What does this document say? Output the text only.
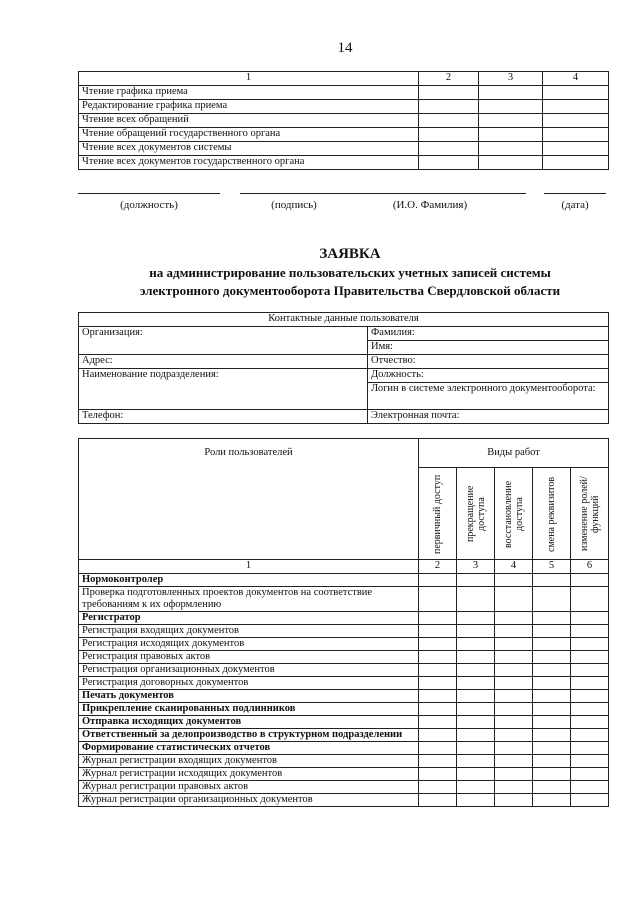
14
1	2	3	4
Чтение графика приема			
Редактирование графика приема			
Чтение всех обращений			
Чтение обращений государственного органа			
Чтение всех документов системы			
Чтение всех документов государственного органа			
(должность)	(подпись)	(И.О. Фамилия)	(дата)
ЗАЯВКА
на администрирование пользовательских учетных записей системы
электронного документооборота Правительства Свердловской области
Контактные данные пользователя	
Организация:	Фамилия:
	Имя:
Адрес:	Отчество:
Наименование подразделения:	Должность:
	Логин в системе электронного документооборота:
Телефон:	Электронная почта:
Роли пользователей	Виды работ				

	первичный доступ	прекращение доступа	восстановление доступа	смена реквизитов	изменение ролей/функций

1	2	3	4	5	6
Нормоконтролер					
Проверка подготовленных проектов документов на соответствие требованиям к их оформлению					
Регистратор					
Регистрация входящих документов					
Регистрация исходящих документов					
Регистрация правовых актов					
Регистрация организационных документов					
Регистрация договорных документов					
Печать документов					
Прикрепление сканированных подлинников					
Отправка исходящих документов					
Ответственный за делопроизводство в структурном подразделении					
Формирование статистических отчетов					
Журнал регистрации входящих документов					
Журнал регистрации исходящих документов					
Журнал регистрации правовых актов					
Журнал регистрации организационных документов					
